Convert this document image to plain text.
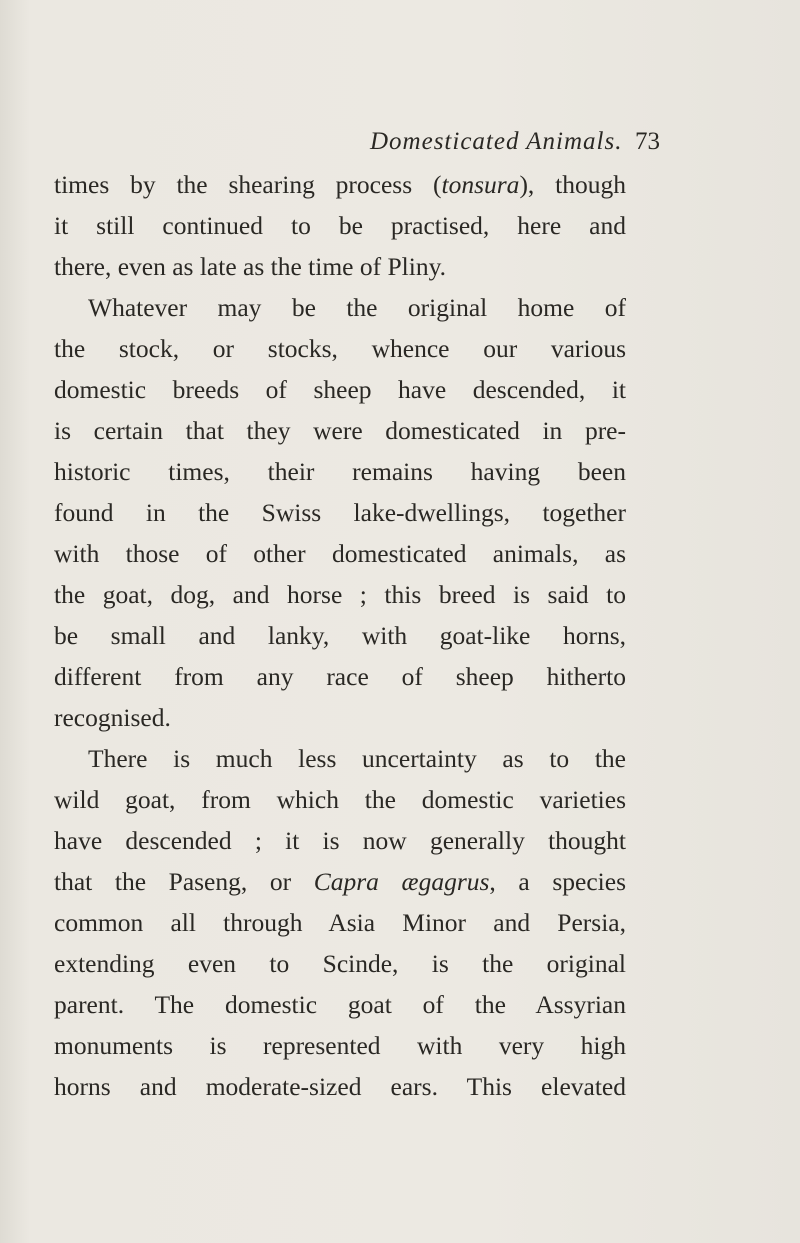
Domesticated Animals. 73
times by the shearing process (tonsura), though
it still continued to be practised, here and
there, even as late as the time of Pliny.
Whatever may be the original home of
the stock, or stocks, whence our various
domestic breeds of sheep have descended, it
is certain that they were domesticated in pre-
historic times, their remains having been
found in the Swiss lake-dwellings, together
with those of other domesticated animals, as
the goat, dog, and horse ; this breed is said to
be small and lanky, with goat-like horns,
different from any race of sheep hitherto
recognised.
There is much less uncertainty as to the
wild goat, from which the domestic varieties
have descended ; it is now generally thought
that the Paseng, or Capra ægagrus, a species
common all through Asia Minor and Persia,
extending even to Scinde, is the original
parent. The domestic goat of the Assyrian
monuments is represented with very high
horns and moderate-sized ears. This elevated
